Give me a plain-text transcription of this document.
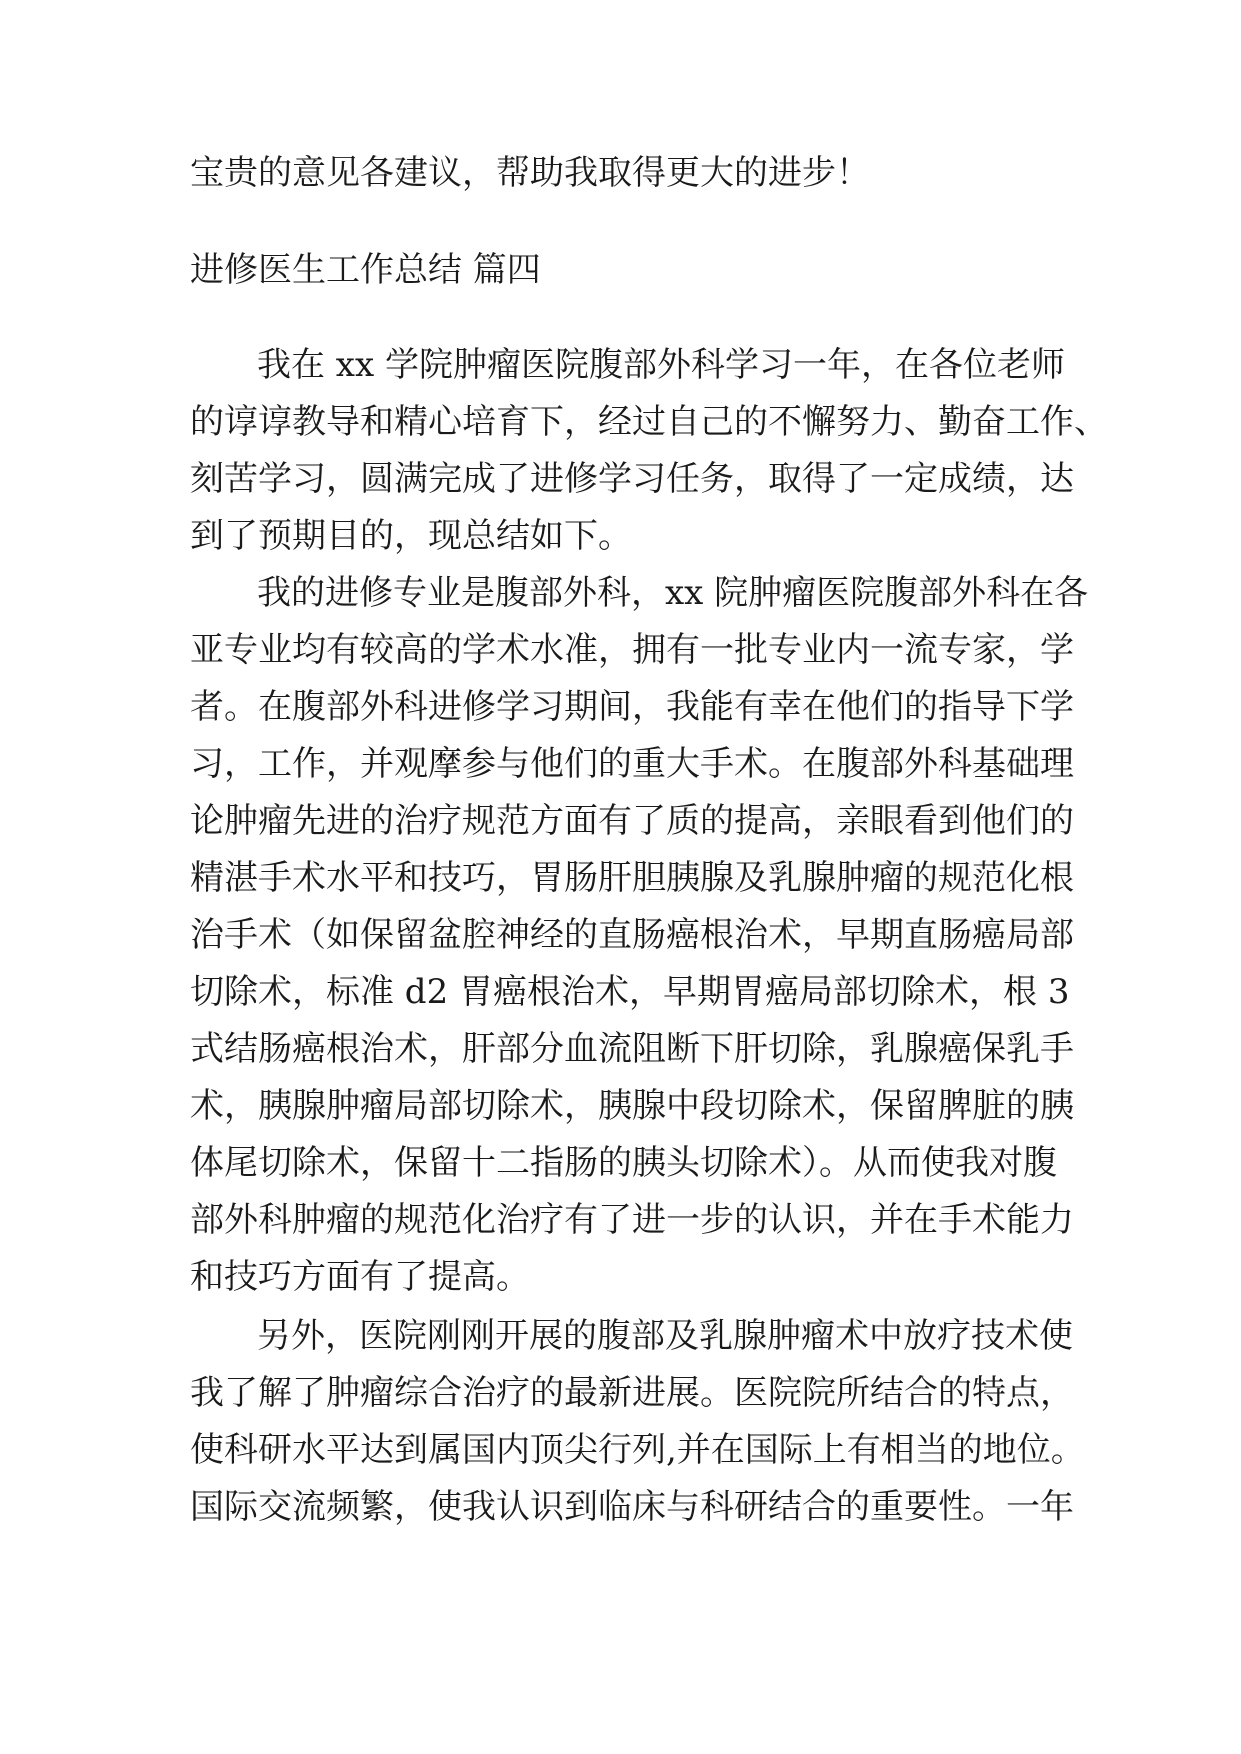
宝贵的意见各建议，帮助我取得更大的进步！

进修医生工作总结 篇四

我在 xx 学院肿瘤医院腹部外科学习一年，在各位老师

的谆谆教导和精心培育下，经过自己的不懈努力、勤奋工作、

刻苦学习，圆满完成了进修学习任务，取得了一定成绩，达

到了预期目的，现总结如下。

我的进修专业是腹部外科，xx 院肿瘤医院腹部外科在各

亚专业均有较高的学术水准，拥有一批专业内一流专家，学

者。在腹部外科进修学习期间，我能有幸在他们的指导下学

习，工作，并观摩参与他们的重大手术。在腹部外科基础理

论肿瘤先进的治疗规范方面有了质的提高，亲眼看到他们的

精湛手术水平和技巧，胃肠肝胆胰腺及乳腺肿瘤的规范化根

治手术（如保留盆腔神经的直肠癌根治术，早期直肠癌局部

切除术，标准 d2 胃癌根治术，早期胃癌局部切除术，根 3

式结肠癌根治术，肝部分血流阻断下肝切除，乳腺癌保乳手

术，胰腺肿瘤局部切除术，胰腺中段切除术，保留脾脏的胰

体尾切除术，保留十二指肠的胰头切除术）。从而使我对腹

部外科肿瘤的规范化治疗有了进一步的认识，并在手术能力

和技巧方面有了提高。

另外，医院刚刚开展的腹部及乳腺肿瘤术中放疗技术使

我了解了肿瘤综合治疗的最新进展。医院院所结合的特点，

使科研水平达到属国内顶尖行列,并在国际上有相当的地位。

国际交流频繁，使我认识到临床与科研结合的重要性。一年
